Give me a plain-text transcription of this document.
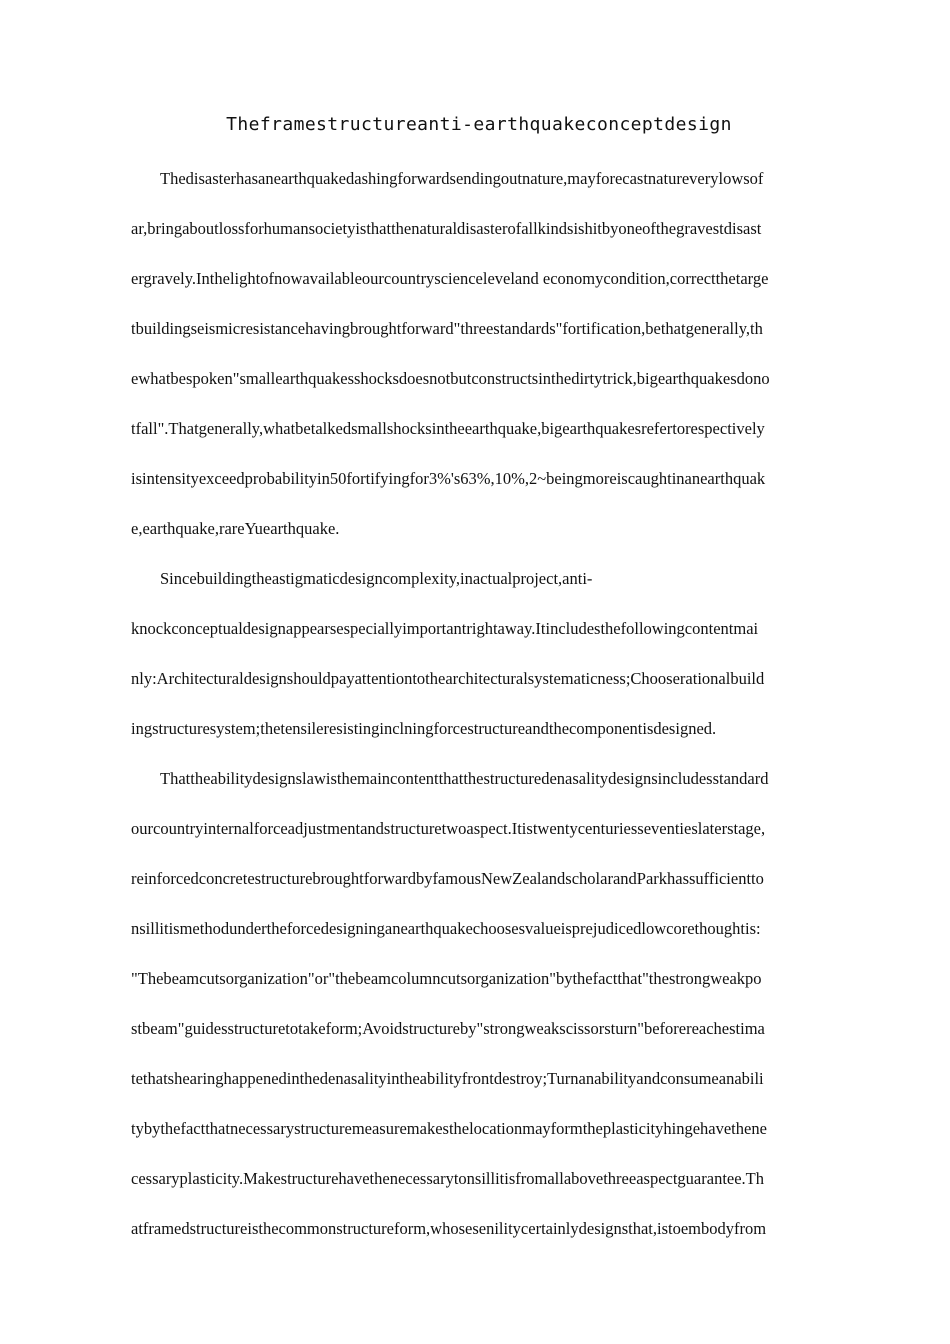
Theframestructureanti-earthquakeconceptdesign
Thedisasterhasanearthquakedashingforwardsendingoutnature,mayforecastnatureverylowsof
ar,bringaboutlossforhumansocietyisthatthenaturaldisasterofallkindsishitbyoneofthegravestdisast
ergravely.Inthelightofnowavailableourcountryscienceleveland economycondition,correctthetarge
tbuildingseismicresistancehavingbroughtforward"threestandards"fortification,bethatgenerally,th
ewhatbespoken"smallearthquakesshocksdoesnotbutconstructsinthedirtytrick,bigearthquakesdono
tfall".Thatgenerally,whatbetalkedsmallshocksintheearthquake,bigearthquakesrefertorespectively
isintensityexceedprobabilityin50fortifyingfor3%'s63%,10%,2~beingmoreiscaughtinanearthquak
e,earthquake,rareYuearthquake.
Sincebuildingtheastigmaticdesigncomplexity,inactualproject,anti-
knockconceptualdesignappearsespeciallyimportantrightaway.Itincludesthefollowingcontentmai
nly:Architecturaldesignshouldpayattentiontothearchitecturalsystematicness;Chooserationalbuild
ingstructuresystem;thetensileresistinginclningforcestructureandthecomponentisdesigned.
Thattheabilitydesignslawisthemaincontentthatthestructuredenasalitydesignsincludesstandard
ourcountryinternalforceadjustmentandstructuretwoaspect.Itistwentycenturiesseventieslaterstage,
reinforcedconcretestructurebroughtforwardbyfamousNewZealandscholarandParkhassufficientto
nsillitismethodundertheforcedesigninganearthquakechoosesvalueisprejudicedlowcorethoughtis:
"Thebeamcutsorganization"or"thebeamcolumncutsorganization"bythefactthat"thestrongweakpo
stbeam"guidesstructuretotakeform;Avoidstructureby"strongweakscissorsturn"beforereachestima
tethatshearinghappenedinthedenasalityintheabilityfrontdestroy;Turnanabilityandconsumeanabili
tybythefactthatnecessarystructuremeasuremakesthelocationmayformtheplasticityhingehavethene
cessaryplasticity.Makestructurehavethenecessarytonsillitisfromallabovethreeaspectguarantee.Th
atframedstructureisthecommonstructureform,whosesenilitycertainlydesignsthat,istoembodyfrom
